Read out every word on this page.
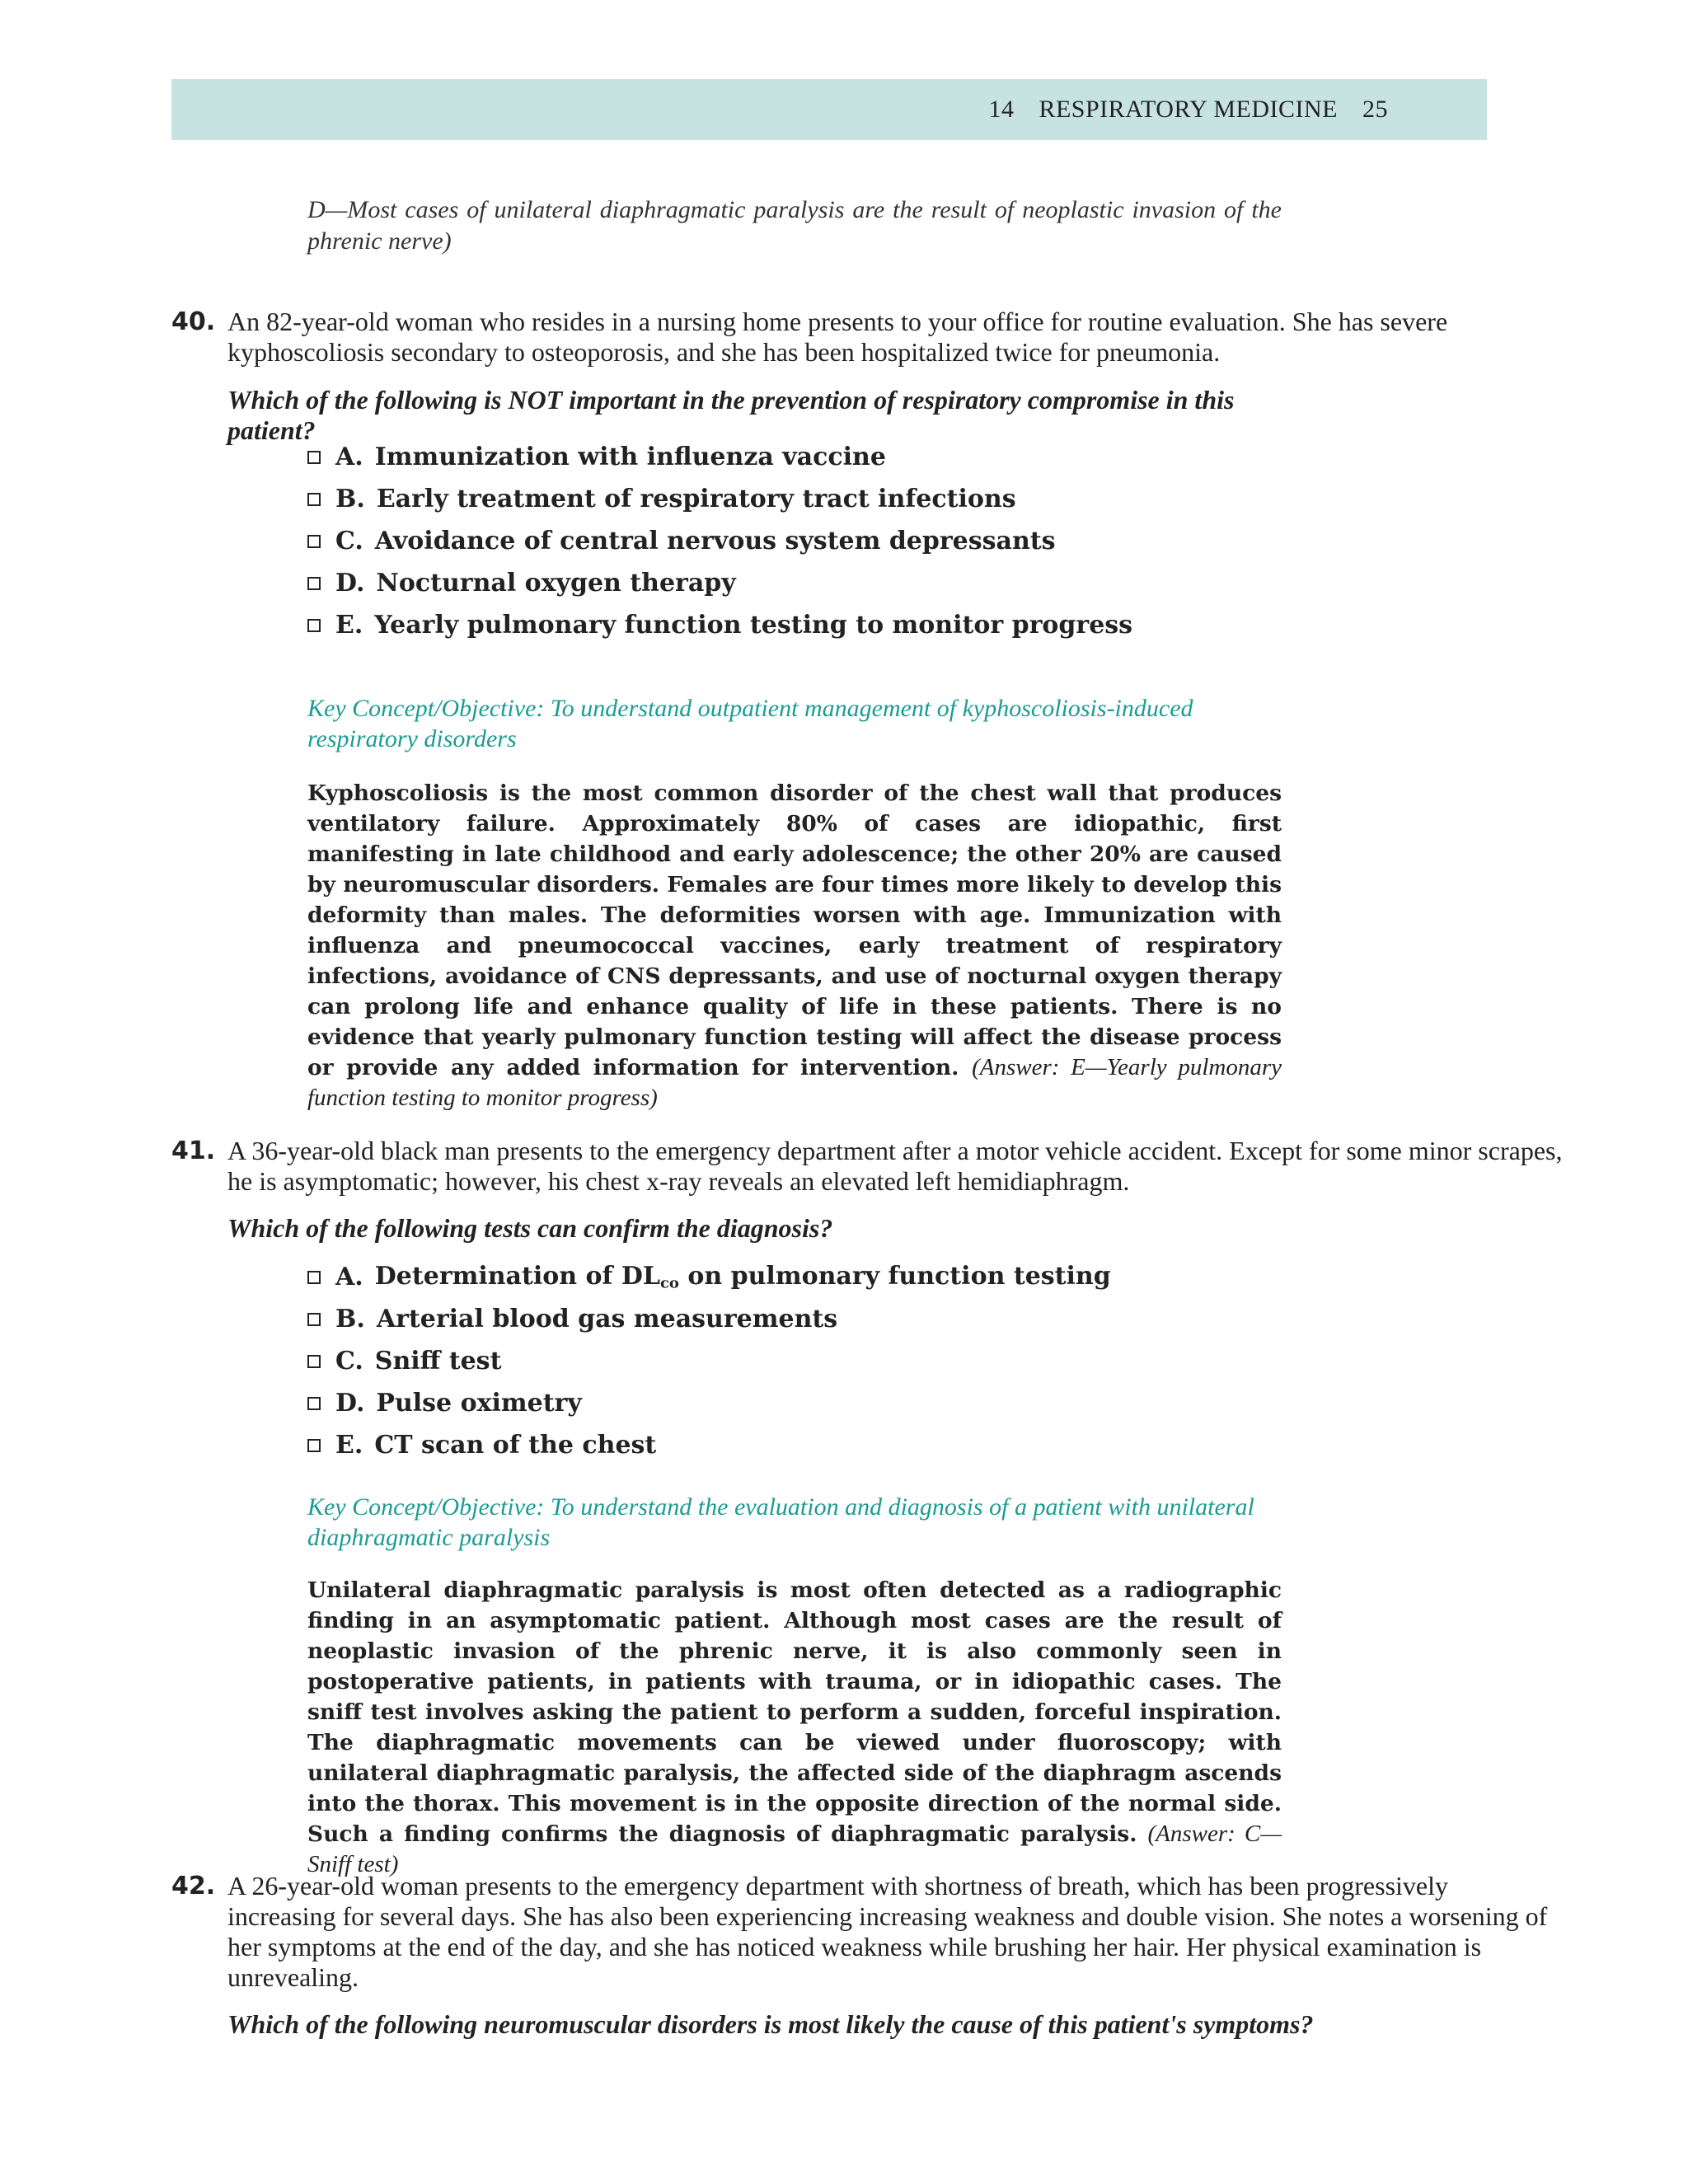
14 RESPIRATORY MEDICINE 25
D—Most cases of unilateral diaphragmatic paralysis are the result of neoplastic invasion of the phrenic nerve)
40. An 82-year-old woman who resides in a nursing home presents to your office for routine evaluation. She has severe kyphoscoliosis secondary to osteoporosis, and she has been hospitalized twice for pneumonia.
Which of the following is NOT important in the prevention of respiratory compromise in this patient?
A. Immunization with influenza vaccine
B. Early treatment of respiratory tract infections
C. Avoidance of central nervous system depressants
D. Nocturnal oxygen therapy
E. Yearly pulmonary function testing to monitor progress
Key Concept/Objective: To understand outpatient management of kyphoscoliosis-induced respiratory disorders
Kyphoscoliosis is the most common disorder of the chest wall that produces ventilatory failure. Approximately 80% of cases are idiopathic, first manifesting in late childhood and early adolescence; the other 20% are caused by neuromuscular disorders. Females are four times more likely to develop this deformity than males. The deformities worsen with age. Immunization with influenza and pneumococcal vaccines, early treatment of respiratory infections, avoidance of CNS depressants, and use of nocturnal oxygen therapy can prolong life and enhance quality of life in these patients. There is no evidence that yearly pulmonary function testing will affect the disease process or provide any added information for intervention. (Answer: E—Yearly pulmonary function testing to monitor progress)
41. A 36-year-old black man presents to the emergency department after a motor vehicle accident. Except for some minor scrapes, he is asymptomatic; however, his chest x-ray reveals an elevated left hemidiaphragm.
Which of the following tests can confirm the diagnosis?
A. Determination of $DL_{co}$ on pulmonary function testing
B. Arterial blood gas measurements
C. Sniff test
D. Pulse oximetry
E. CT scan of the chest
Key Concept/Objective: To understand the evaluation and diagnosis of a patient with unilateral diaphragmatic paralysis
Unilateral diaphragmatic paralysis is most often detected as a radiographic finding in an asymptomatic patient. Although most cases are the result of neoplastic invasion of the phrenic nerve, it is also commonly seen in postoperative patients, in patients with trauma, or in idiopathic cases. The sniff test involves asking the patient to perform a sudden, forceful inspiration. The diaphragmatic movements can be viewed under fluoroscopy; with unilateral diaphragmatic paralysis, the affected side of the diaphragm ascends into the thorax. This movement is in the opposite direction of the normal side. Such a finding confirms the diagnosis of diaphragmatic paralysis. (Answer: C—Sniff test)
42. A 26-year-old woman presents to the emergency department with shortness of breath, which has been progressively increasing for several days. She has also been experiencing increasing weakness and double vision. She notes a worsening of her symptoms at the end of the day, and she has noticed weakness while brushing her hair. Her physical examination is unrevealing.
Which of the following neuromuscular disorders is most likely the cause of this patient's symptoms?
